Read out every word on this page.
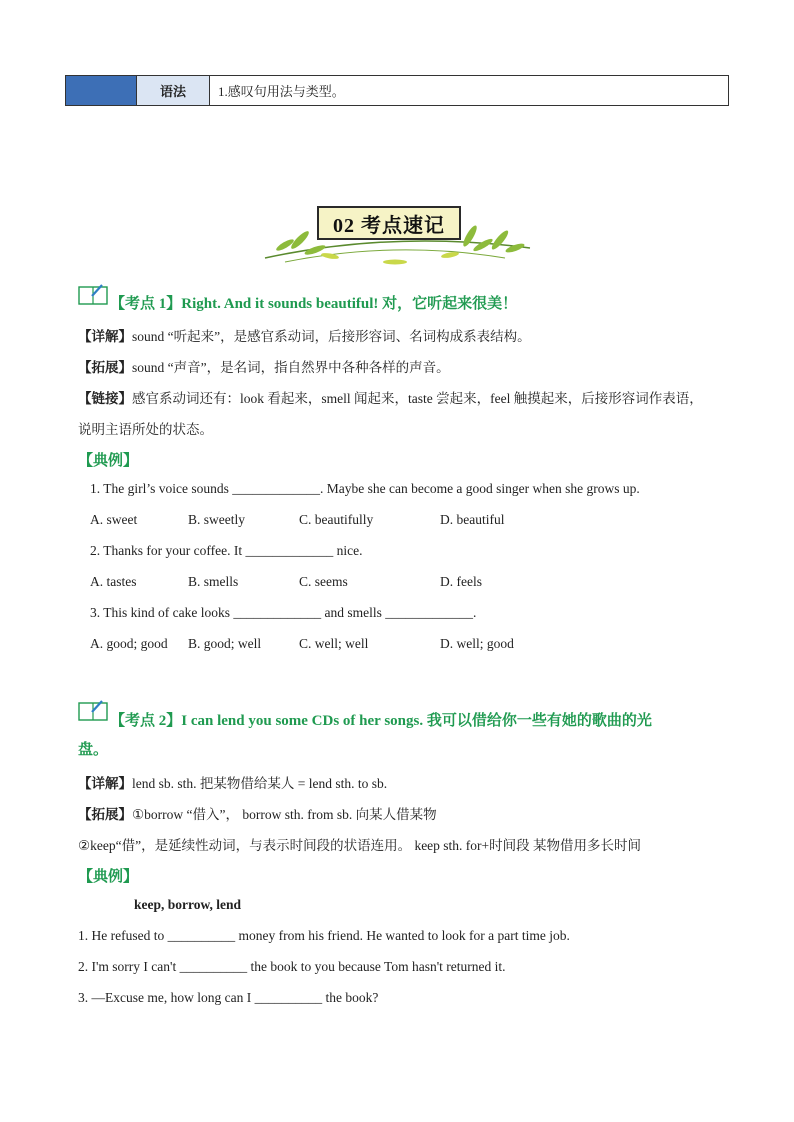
语法	1.感叹句用法与类型。
02 考点速记
【考点 1】Right. And it sounds beautiful! 对，它听起来很美！
【详解】sound “听起来”，是感官系动词，后接形容词、名词构成系表结构。
【拓展】sound “声音”，是名词，指自然界中各种各样的声音。
【链接】感官系动词还有：look 看起来，smell 闻起来，taste 尝起来，feel 触摸起来，后接形容词作表语，
说明主语所处的状态。
【典例】
1. The girl’s voice sounds _____________. Maybe she can become a good singer when she grows up.
A. sweet	B. sweetly	C. beautifully	D. beautiful
2. Thanks for your coffee. It _____________ nice.
A. tastes	B. smells	C. seems	D. feels
3. This kind of cake looks _____________ and smells _____________.
A. good; good B. good; well	C. well; well	D. well; good
【考点 2】I can lend you some CDs of her songs. 我可以借给你一些有她的歌曲的光
盘。
【详解】lend sb. sth. 把某物借给某人 = lend sth. to sb.
【拓展】①borrow “借入”， borrow sth. from sb. 向某人借某物
②keep“借”，是延续性动词，与表示时间段的状语连用。 keep sth. for+时间段 某物借用多长时间
【典例】
keep, borrow, lend
1. He refused to __________ money from his friend. He wanted to look for a part time job.
2. I'm sorry I can't __________ the book to you because Tom hasn't returned it.
3. —Excuse me, how long can I __________ the book?
